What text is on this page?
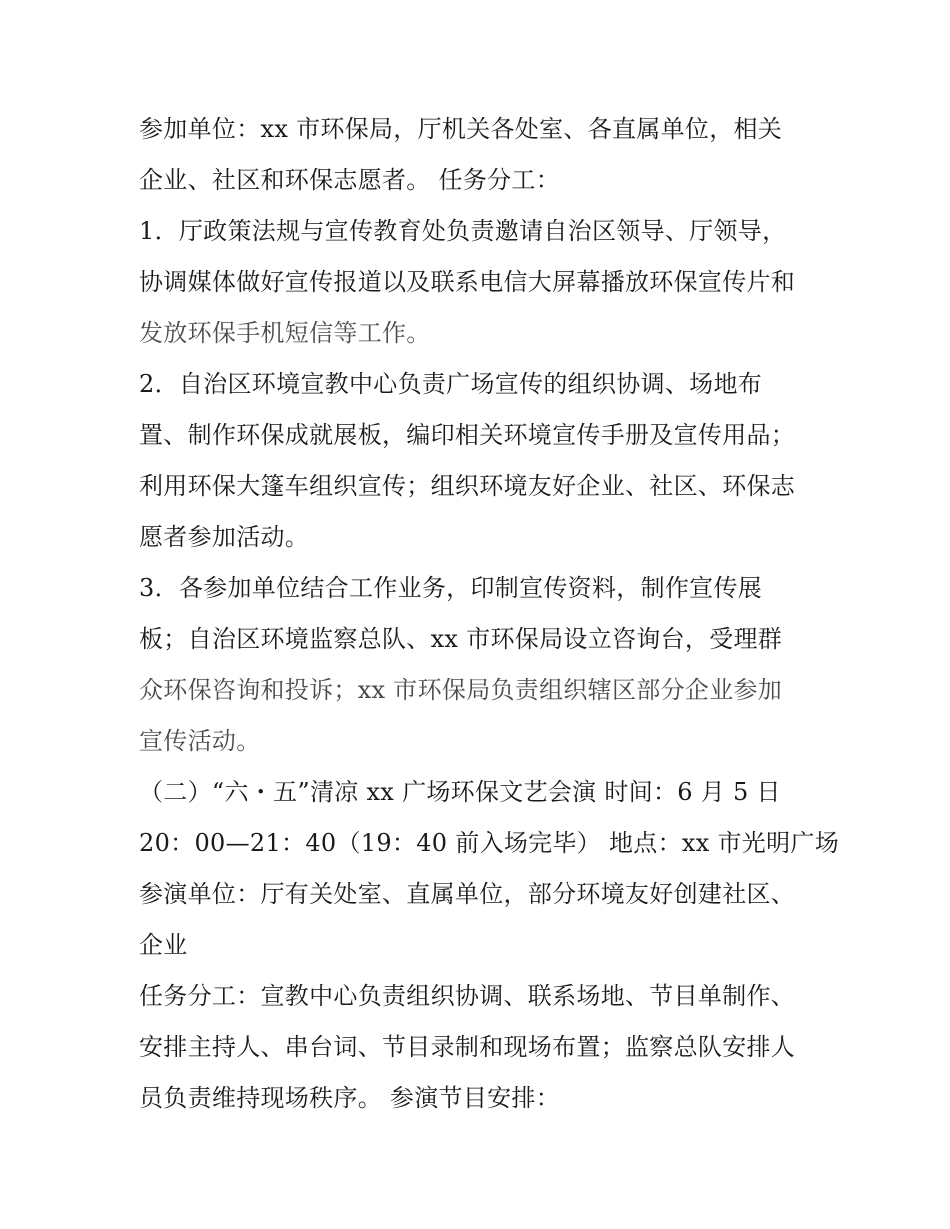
参加单位：xx 市环保局，厅机关各处室、各直属单位，相关
企业、社区和环保志愿者。 任务分工：
1．厅政策法规与宣传教育处负责邀请自治区领导、厅领导，
协调媒体做好宣传报道以及联系电信大屏幕播放环保宣传片和
发放环保手机短信等工作。
2．自治区环境宣教中心负责广场宣传的组织协调、场地布
置、制作环保成就展板，编印相关环境宣传手册及宣传用品；
利用环保大篷车组织宣传；组织环境友好企业、社区、环保志
愿者参加活动。
3．各参加单位结合工作业务，印制宣传资料，制作宣传展
板；自治区环境监察总队、xx 市环保局设立咨询台，受理群
众环保咨询和投诉；xx 市环保局负责组织辖区部分企业参加
宣传活动。
（二）“六・五”清凉 xx 广场环保文艺会演 时间：6 月 5 日
20：00—21：40（19：40 前入场完毕） 地点：xx 市光明广场
参演单位：厅有关处室、直属单位，部分环境友好创建社区、
企业
任务分工：宣教中心负责组织协调、联系场地、节目单制作、
安排主持人、串台词、节目录制和现场布置；监察总队安排人
员负责维持现场秩序。 参演节目安排：
